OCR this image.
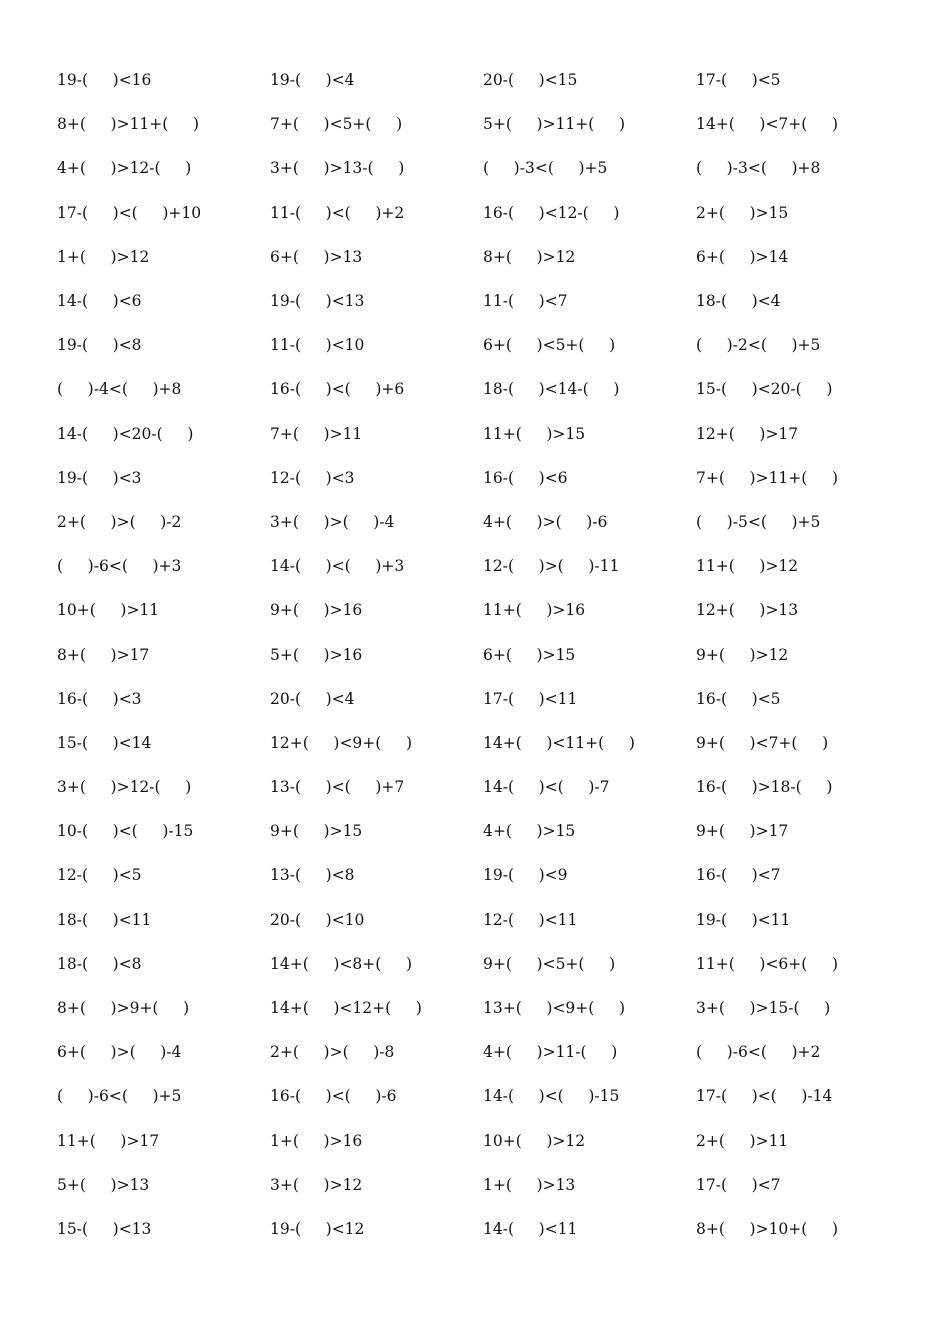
19-(     )<16	19-(     )<4	20-(     )<15	17-(     )<5
8+(     )>11+(     )	7+(     )<5+(     )	5+(     )>11+(     )	14+(     )<7+(     )
4+(     )>12-(     )	3+(     )>13-(     )	(     )-3<(     )+5	(     )-3<(     )+8
17-(     )<(     )+10	11-(     )<(     )+2	16-(     )<12-(     )	2+(     )>15
1+(     )>12	6+(     )>13	8+(     )>12	6+(     )>14
14-(     )<6	19-(     )<13	11-(     )<7	18-(     )<4
19-(     )<8	11-(     )<10	6+(     )<5+(     )	(     )-2<(     )+5
(     )-4<(     )+8	16-(     )<(     )+6	18-(     )<14-(     )	15-(     )<20-(     )
14-(     )<20-(     )	7+(     )>11	11+(     )>15	12+(     )>17
19-(     )<3	12-(     )<3	16-(     )<6	7+(     )>11+(     )
2+(     )>(     )-2	3+(     )>(     )-4	4+(     )>(     )-6	(     )-5<(     )+5
(     )-6<(     )+3	14-(     )<(     )+3	12-(     )>(     )-11	11+(     )>12
10+(     )>11	9+(     )>16	11+(     )>16	12+(     )>13
8+(     )>17	5+(     )>16	6+(     )>15	9+(     )>12
16-(     )<3	20-(     )<4	17-(     )<11	16-(     )<5
15-(     )<14	12+(     )<9+(     )	14+(     )<11+(     )	9+(     )<7+(     )
3+(     )>12-(     )	13-(     )<(     )+7	14-(     )<(     )-7	16-(     )>18-(     )
10-(     )<(     )-15	9+(     )>15	4+(     )>15	9+(     )>17
12-(     )<5	13-(     )<8	19-(     )<9	16-(     )<7
18-(     )<11	20-(     )<10	12-(     )<11	19-(     )<11
18-(     )<8	14+(     )<8+(     )	9+(     )<5+(     )	11+(     )<6+(     )
8+(     )>9+(     )	14+(     )<12+(     )	13+(     )<9+(     )	3+(     )>15-(     )
6+(     )>(     )-4	2+(     )>(     )-8	4+(     )>11-(     )	(     )-6<(     )+2
(     )-6<(     )+5	16-(     )<(     )-6	14-(     )<(     )-15	17-(     )<(     )-14
11+(     )>17	1+(     )>16	10+(     )>12	2+(     )>11
5+(     )>13	3+(     )>12	1+(     )>13	17-(     )<7
15-(     )<13	19-(     )<12	14-(     )<11	8+(     )>10+(     )
